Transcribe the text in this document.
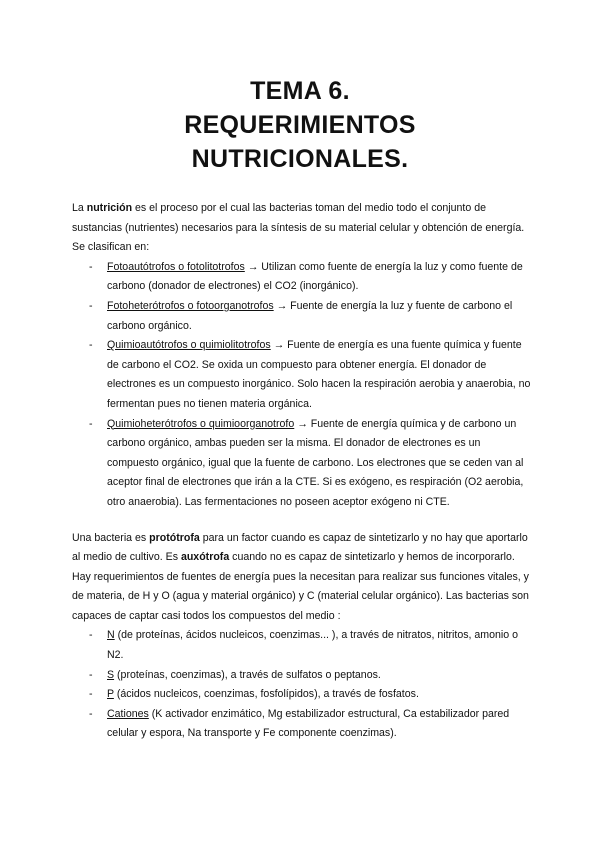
TEMA 6.
REQUERIMIENTOS
NUTRICIONALES.

La nutrición es el proceso por el cual las bacterias toman del medio todo el conjunto de sustancias (nutrientes) necesarios para la síntesis de su material celular y obtención de energía. Se clasifican en:

- Fotoautótrofos o fotolitotrofos → Utilizan como fuente de energía la luz y como fuente de carbono (donador de electrones) el CO2 (inorgánico).
- Fotoheterótrofos o fotoorganotrofos → Fuente de energía la luz y fuente de carbono el carbono orgánico.
- Quimioautótrofos o quimiolitotrofos → Fuente de energía es una fuente química y fuente de carbono el CO2. Se oxida un compuesto para obtener energía. El donador de electrones es un compuesto inorgánico. Solo hacen la respiración aerobia y anaerobia, no fermentan pues no tienen materia orgánica.
- Quimioheterótrofos o quimioorganotrofo → Fuente de energía química y de carbono un carbono orgánico, ambas pueden ser la misma. El donador de electrones es un compuesto orgánico, igual que la fuente de carbono. Los electrones que se ceden van al aceptor final de electrones que irán a la CTE. Si es exógeno, es respiración (O2 aerobia, otro anaerobia). Las fermentaciones no poseen aceptor exógeno ni CTE.

Una bacteria es protótrofa para un factor cuando es capaz de sintetizarlo y no hay que aportarlo al medio de cultivo. Es auxótrofa cuando no es capaz de sintetizarlo y hemos de incorporarlo. Hay requerimientos de fuentes de energía pues la necesitan para realizar sus funciones vitales, y de materia, de H y O (agua y material orgánico) y C (material celular orgánico). Las bacterias son capaces de captar casi todos los compuestos del medio :

- N (de proteínas, ácidos nucleicos, coenzimas... ), a través de nitratos, nitritos, amonio o N2.
- S (proteínas, coenzimas), a través de sulfatos o peptanos.
- P (ácidos nucleicos, coenzimas, fosfolípidos), a través de fosfatos.
- Cationes (K activador enzimático, Mg estabilizador estructural, Ca estabilizador pared celular y espora, Na transporte y Fe componente coenzimas).
